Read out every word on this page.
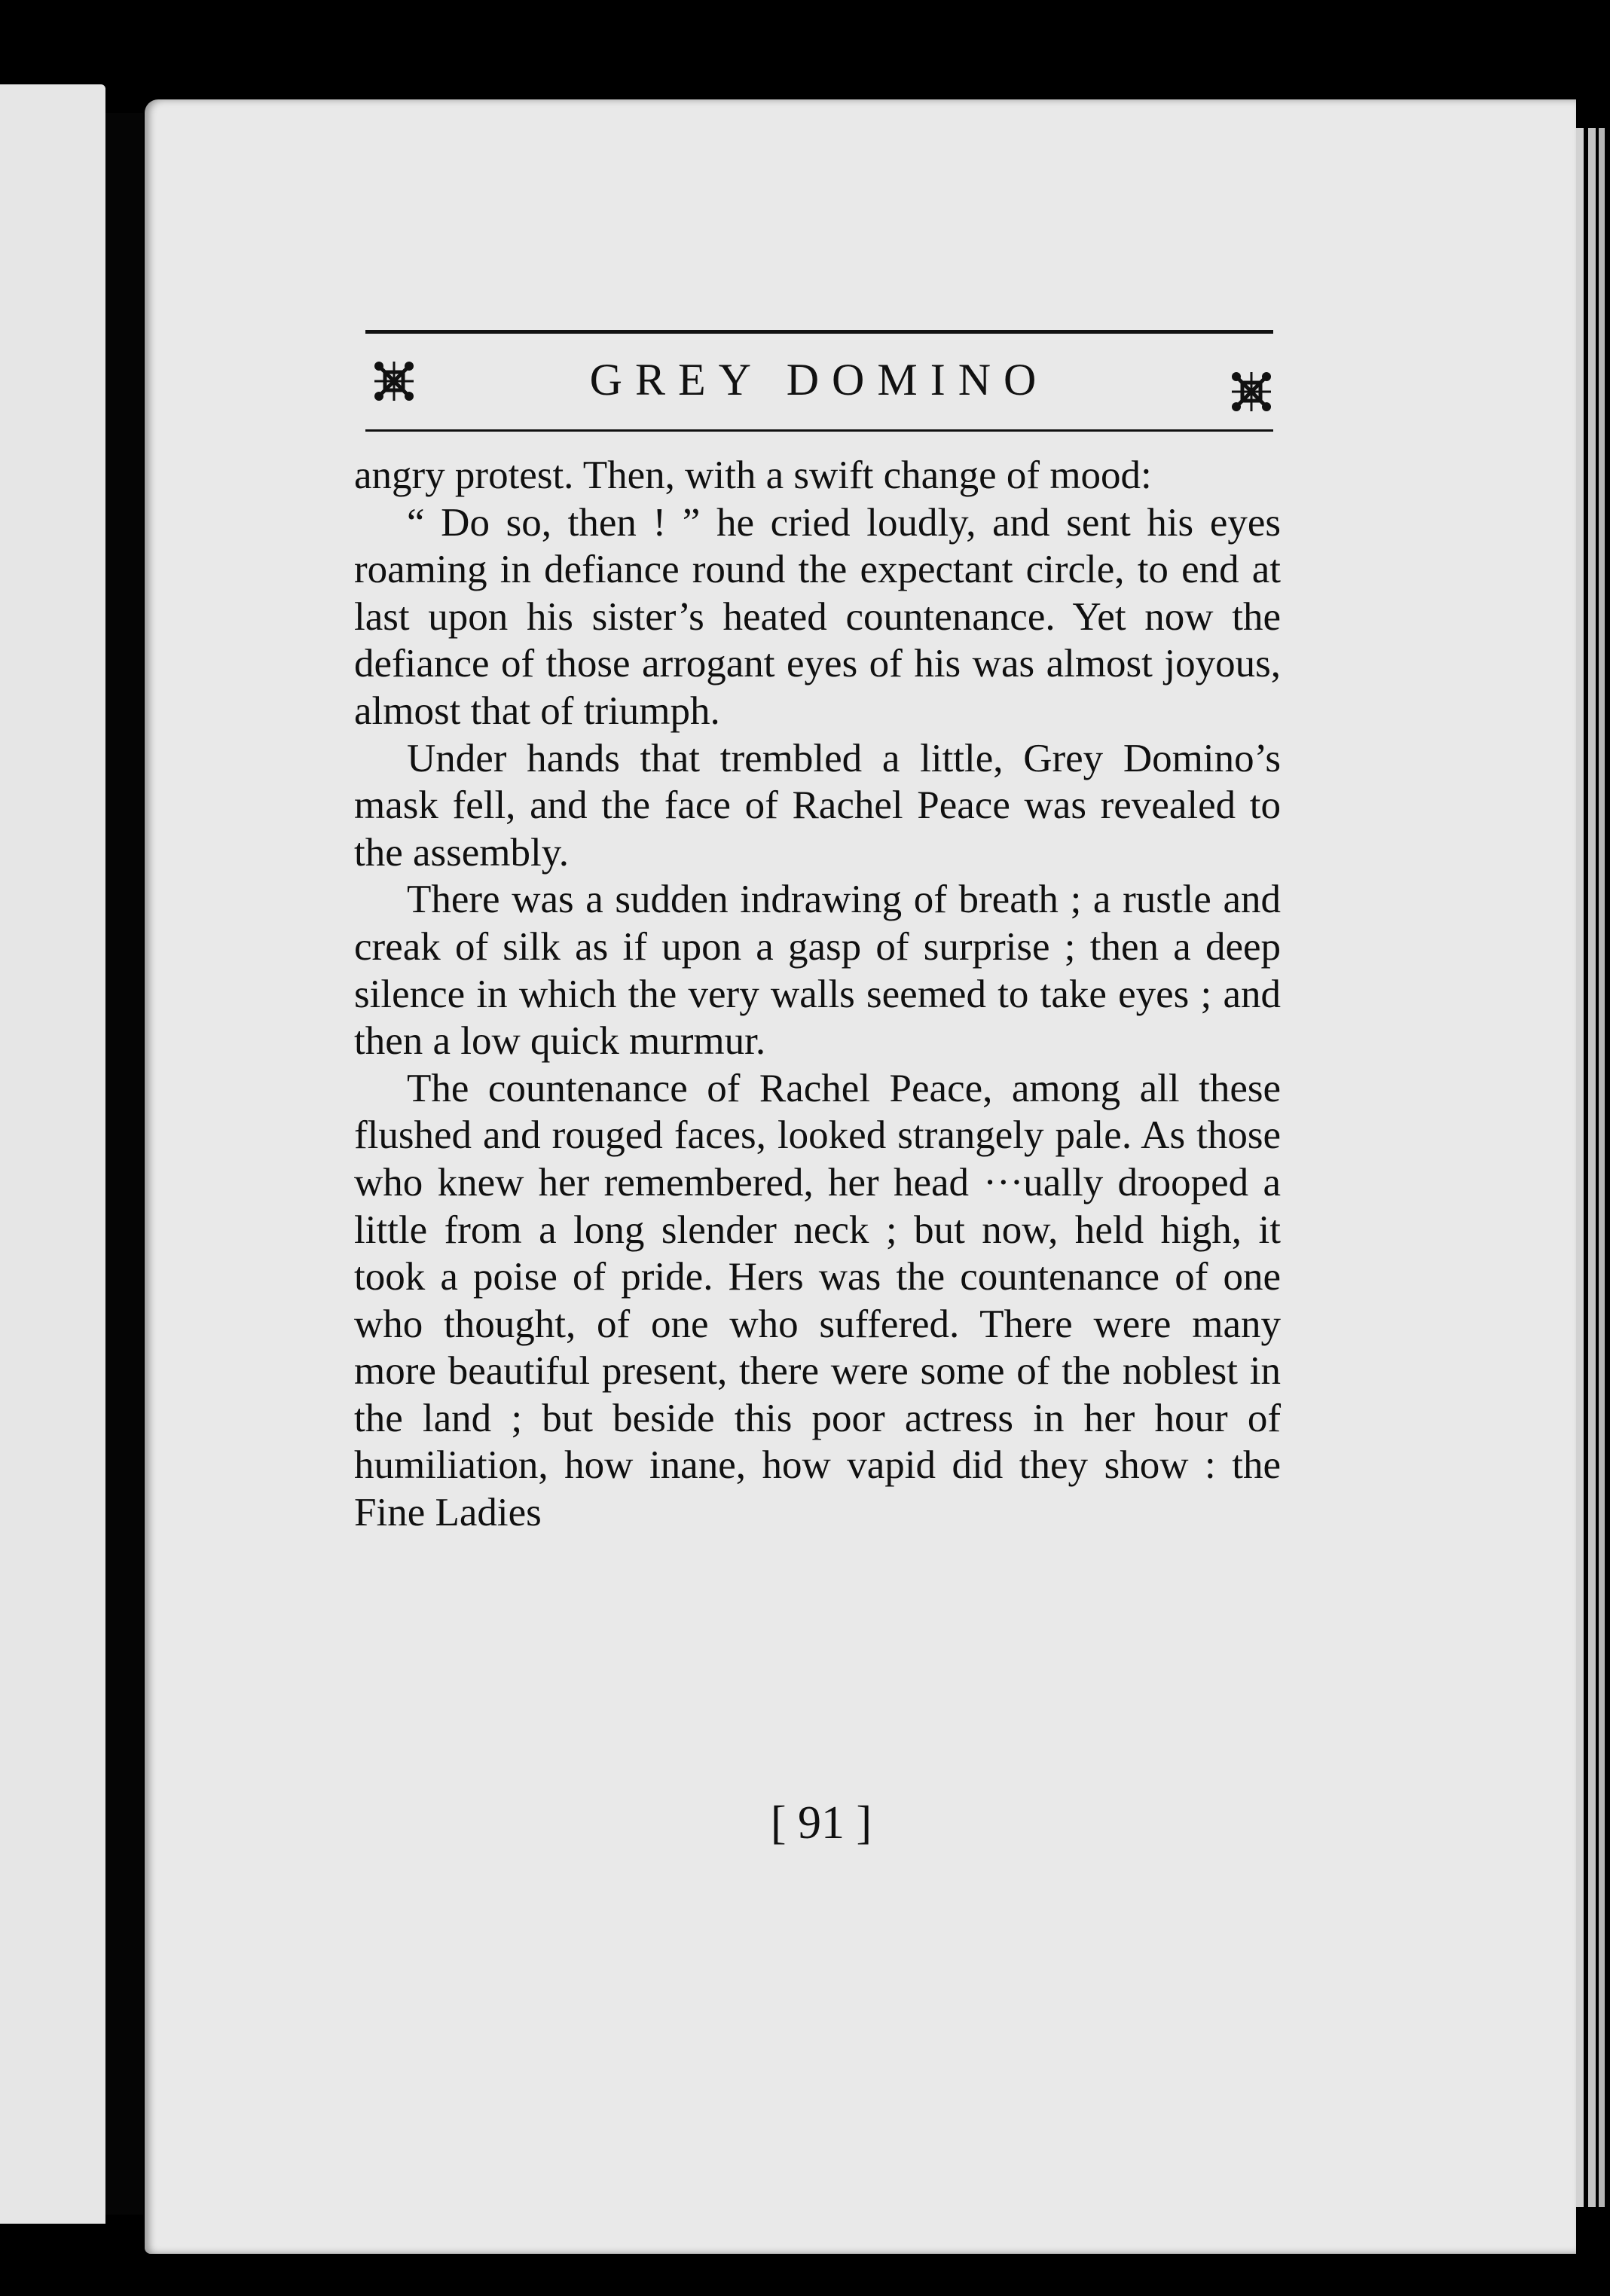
GREY DOMINO

angry protest. Then, with a swift change of mood:

“ Do so, then ! ” he cried loudly, and sent his eyes roaming in defiance round the expectant circle, to end at last upon his sister’s heated countenance. Yet now the defiance of those arrogant eyes of his was almost joyous, almost that of triumph.

Under hands that trembled a little, Grey Domino’s mask fell, and the face of Rachel Peace was revealed to the assembly.

There was a sudden indrawing of breath ; a rustle and creak of silk as if upon a gasp of surprise ; then a deep silence in which the very walls seemed to take eyes ; and then a low quick murmur.

The countenance of Rachel Peace, among all these flushed and rouged faces, looked strangely pale. As those who knew her remembered, her head ···ually drooped a little from a long slender neck ; but now, held high, it took a poise of pride. Hers was the countenance of one who thought, of one who suffered. There were many more beautiful present, there were some of the noblest in the land ; but beside this poor actress in her hour of humiliation, how inane, how vapid did they show : the Fine Ladies

[ 91 ]
